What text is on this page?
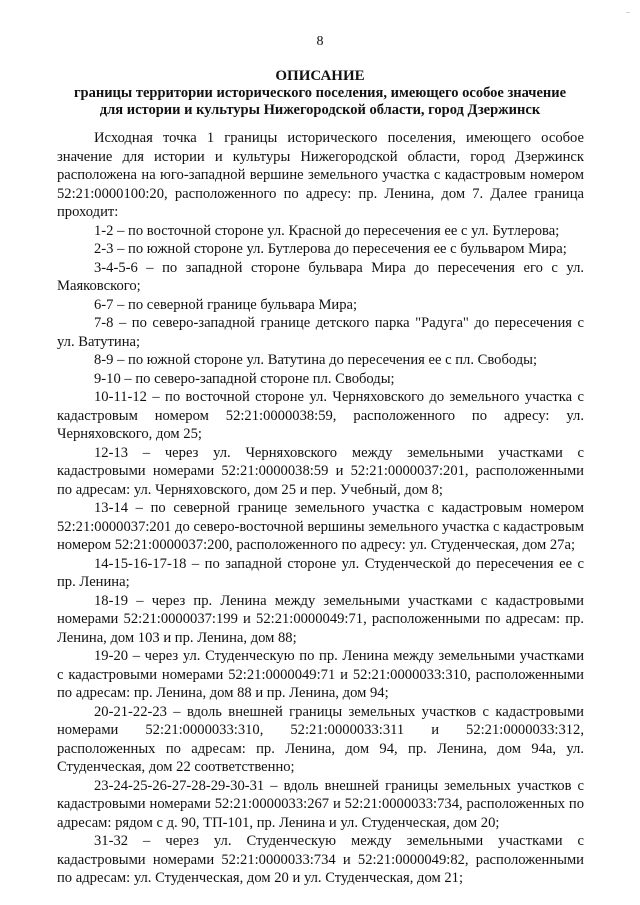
..
8
ОПИСАНИЕ
границы территории исторического поселения, имеющего особое значение
для истории и культуры Нижегородской области, город Дзержинск

Исходная точка 1 границы исторического поселения, имеющего особое значение для истории и культуры Нижегородской области, город Дзержинск расположена на юго-западной вершине земельного участка с кадастровым номером 52:21:0000100:20, расположенного по адресу: пр. Ленина, дом 7. Далее граница проходит:

1-2 – по восточной стороне ул. Красной до пересечения ее с ул. Бутлерова;

2-3 – по южной стороне ул. Бутлерова до пересечения ее с бульваром Мира;

3-4-5-6 – по западной стороне бульвара Мира до пересечения его с ул. Маяковского;

6-7 – по северной границе бульвара Мира;

7-8 – по северо-западной границе детского парка "Радуга" до пересечения с ул. Ватутина;

8-9 – по южной стороне ул. Ватутина до пересечения ее с пл. Свободы;

9-10 – по северо-западной стороне пл. Свободы;

10-11-12 – по восточной стороне ул. Черняховского до земельного участка с кадастровым номером 52:21:0000038:59, расположенного по адресу: ул. Черняховского, дом 25;

12-13 – через ул. Черняховского между земельными участками с кадастровыми номерами 52:21:0000038:59 и 52:21:0000037:201, расположенными по адресам: ул. Черняховского, дом 25 и пер. Учебный, дом 8;

13-14 – по северной границе земельного участка с кадастровым номером 52:21:0000037:201 до северо-восточной вершины земельного участка с кадастровым номером 52:21:0000037:200, расположенного по адресу: ул. Студенческая, дом 27а;

14-15-16-17-18 – по западной стороне ул. Студенческой до пересечения ее с пр. Ленина;

18-19 – через пр. Ленина между земельными участками с кадастровыми номерами 52:21:0000037:199 и 52:21:0000049:71, расположенными по адресам: пр. Ленина, дом 103 и пр. Ленина, дом 88;

19-20 – через ул. Студенческую по пр. Ленина между земельными участками с кадастровыми номерами 52:21:0000049:71 и 52:21:0000033:310, расположенными по адресам: пр. Ленина, дом 88 и пр. Ленина, дом 94;

20-21-22-23 – вдоль внешней границы земельных участков с кадастровыми номерами 52:21:0000033:310, 52:21:0000033:311 и 52:21:0000033:312, расположенных по адресам: пр. Ленина, дом 94, пр. Ленина, дом 94а, ул. Студенческая, дом 22 соответственно;

23-24-25-26-27-28-29-30-31 – вдоль внешней границы земельных участков с кадастровыми номерами 52:21:0000033:267 и 52:21:0000033:734, расположенных по адресам: рядом с д. 90, ТП-101, пр. Ленина и ул. Студенческая, дом 20;

31-32 – через ул. Студенческую между земельными участками с кадастровыми номерами 52:21:0000033:734 и 52:21:0000049:82, расположенными по адресам: ул. Студенческая, дом 20 и ул. Студенческая, дом 21;
